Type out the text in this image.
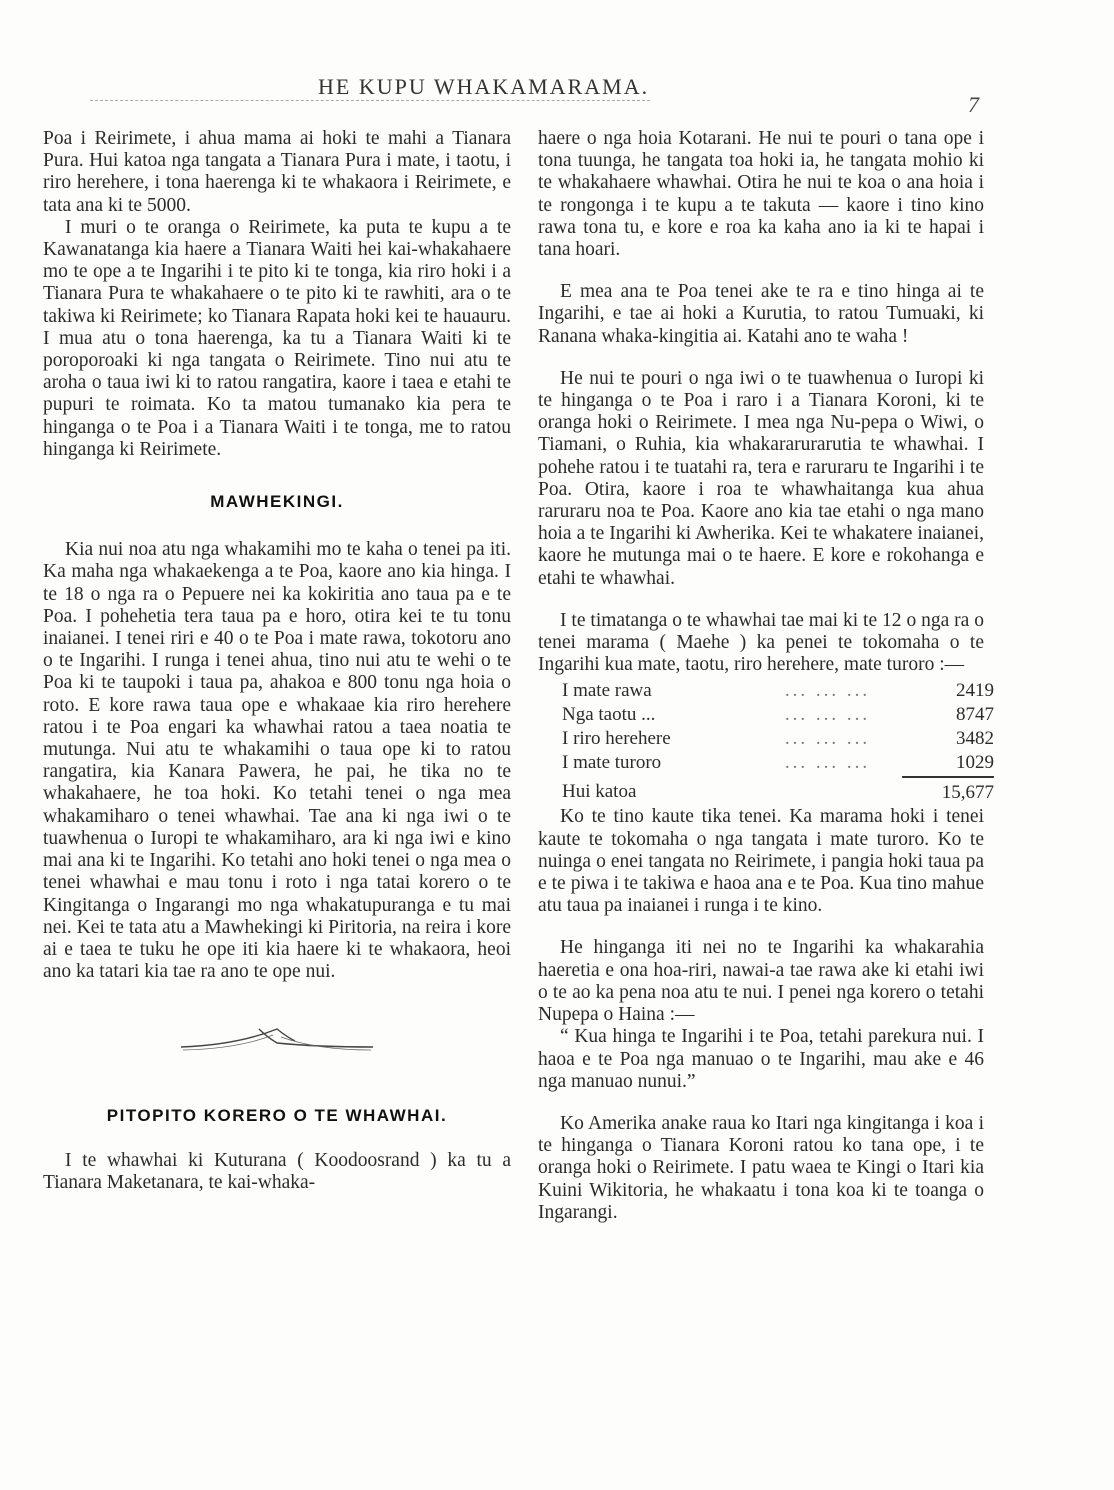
HE KUPU WHAKAMARAMA.
7

Poa i Reirimete, i ahua mama ai hoki te mahi a Tianara Pura. Hui katoa nga tangata a Tianara Pura i mate, i taotu, i riro herehere, i tona haerenga ki te whakaora i Reirimete, e tata ana ki te 5000.

I muri o te oranga o Reirimete, ka puta te kupu a te Kawanatanga kia haere a Tianara Waiti hei kai-whakahaere mo te ope a te Ingarihi i te pito ki te tonga, kia riro hoki i a Tianara Pura te whakahaere o te pito ki te rawhiti, ara o te takiwa ki Reirimete; ko Tianara Rapata hoki kei te hauauru. I mua atu o tona haerenga, ka tu a Tianara Waiti ki te poroporoaki ki nga tangata o Reirimete. Tino nui atu te aroha o taua iwi ki to ratou rangatira, kaore i taea e etahi te pupuri te roimata. Ko ta matou tumanako kia pera te hinganga o te Poa i a Tianara Waiti i te tonga, me to ratou hinganga ki Reirimete.

MAWHEKINGI.

Kia nui noa atu nga whakamihi mo te kaha o tenei pa iti. Ka maha nga whakaekenga a te Poa, kaore ano kia hinga. I te 18 o nga ra o Pepuere nei ka kokiritia ano taua pa e te Poa. I pohehetia tera taua pa e horo, otira kei te tu tonu inaianei. I tenei riri e 40 o te Poa i mate rawa, tokotoru ano o te Ingarihi. I runga i tenei ahua, tino nui atu te wehi o te Poa ki te taupoki i taua pa, ahakoa e 800 tonu nga hoia o roto. E kore rawa taua ope e whakaae kia riro herehere ratou i te Poa engari ka whawhai ratou a taea noatia te mutunga. Nui atu te whakamihi o taua ope ki to ratou rangatira, kia Kanara Pawera, he pai, he tika no te whakahaere, he toa hoki. Ko tetahi tenei o nga mea whakamiharo o tenei whawhai. Tae ana ki nga iwi o te tuawhenua o Iuropi te whakamiharo, ara ki nga iwi e kino mai ana ki te Ingarihi. Ko tetahi ano hoki tenei o nga mea o tenei whawhai e mau tonu i roto i nga tatai korero o te Kingitanga o Ingarangi mo nga whakatupuranga e tu mai nei. Kei te tata atu a Mawhekingi ki Piritoria, na reira i kore ai e taea te tuku he ope iti kia haere ki te whakaora, heoi ano ka tatari kia tae ra ano te ope nui.

PITOPITO KORERO O TE WHAWHAI.

I te whawhai ki Kuturana ( Koodoosrand ) ka tu a Tianara Maketanara, te kai-whaka-

haere o nga hoia Kotarani. He nui te pouri o tana ope i tona tuunga, he tangata toa hoki ia, he tangata mohio ki te whakahaere whawhai. Otira he nui te koa o ana hoia i te rongonga i te kupu a te takuta — kaore i tino kino rawa tona tu, e kore e roa ka kaha ano ia ki te hapai i tana hoari.

E mea ana te Poa tenei ake te ra e tino hinga ai te Ingarihi, e tae ai hoki a Kurutia, to ratou Tumuaki, ki Ranana whaka-kingitia ai. Katahi ano te waha !

He nui te pouri o nga iwi o te tuawhenua o Iuropi ki te hinganga o te Poa i raro i a Tianara Koroni, ki te oranga hoki o Reirimete. I mea nga Nu-pepa o Wiwi, o Tiamani, o Ruhia, kia whakararurarutia te whawhai. I pohehe ratou i te tuatahi ra, tera e raruraru te Ingarihi i te Poa. Otira, kaore i roa te whawhaitanga kua ahua raruraru noa te Poa. Kaore ano kia tae etahi o nga mano hoia a te Ingarihi ki Awherika. Kei te whakatere inaianei, kaore he mutunga mai o te haere. E kore e rokohanga e etahi te whawhai.

I te timatanga o te whawhai tae mai ki te 12 o nga ra o tenei marama ( Maehe ) ka penei te tokomaha o te Ingarihi kua mate, taotu, riro herehere, mate turoro :—

I mate rawa	... ... ...	2419
Nga taotu ...	... ... ...	8747
I riro herehere	... ... ...	3482
I mate turoro	... ... ...	1029
Hui katoa		15,677

Ko te tino kaute tika tenei. Ka marama hoki i tenei kaute te tokomaha o nga tangata i mate turoro. Ko te nuinga o enei tangata no Reirimete, i pangia hoki taua pa e te piwa i te takiwa e haoa ana e te Poa. Kua tino mahue atu taua pa inaianei i runga i te kino.

He hinganga iti nei no te Ingarihi ka whakarahia haeretia e ona hoa-riri, nawai-a tae rawa ake ki etahi iwi o te ao ka pena noa atu te nui. I penei nga korero o tetahi Nupepa o Haina :—

“ Kua hinga te Ingarihi i te Poa, tetahi parekura nui. I haoa e te Poa nga manuao o te Ingarihi, mau ake e 46 nga manuao nunui.”

Ko Amerika anake raua ko Itari nga kingitanga i koa i te hinganga o Tianara Koroni ratou ko tana ope, i te oranga hoki o Reirimete. I patu waea te Kingi o Itari kia Kuini Wikitoria, he whakaatu i tona koa ki te toanga o Ingarangi.
